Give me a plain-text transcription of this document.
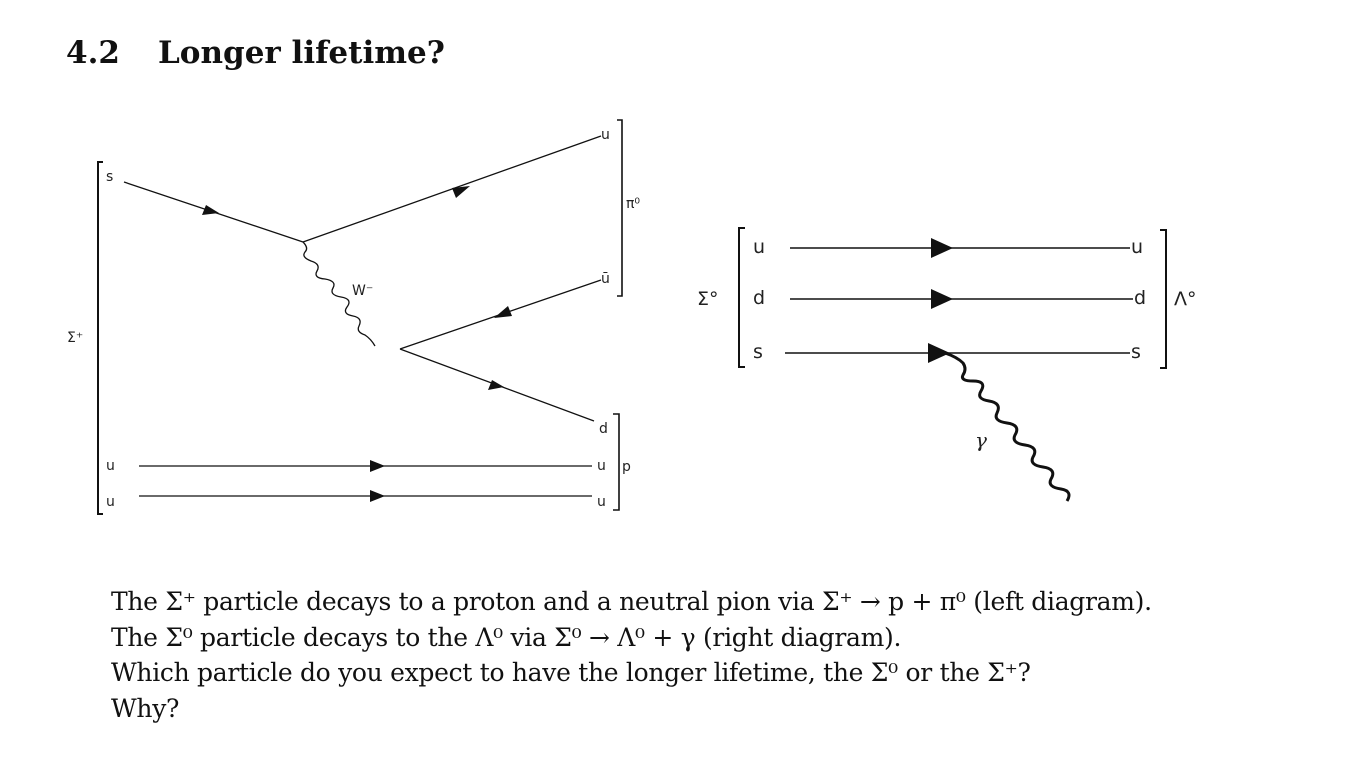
4.2 Longer lifetime?
s
u
u
Σ⁺
W⁻
u
ū
π⁰
d
u
u
p
u
d
s
Σ°
u
d
s
Λ°
γ
The Σ⁺ particle decays to a proton and a neutral pion via Σ⁺ → p + π⁰ (left diagram).
The Σ⁰ particle decays to the Λ⁰ via Σ⁰ → Λ⁰ + γ (right diagram).
Which particle do you expect to have the longer lifetime, the Σ⁰ or the Σ⁺?
Why?
